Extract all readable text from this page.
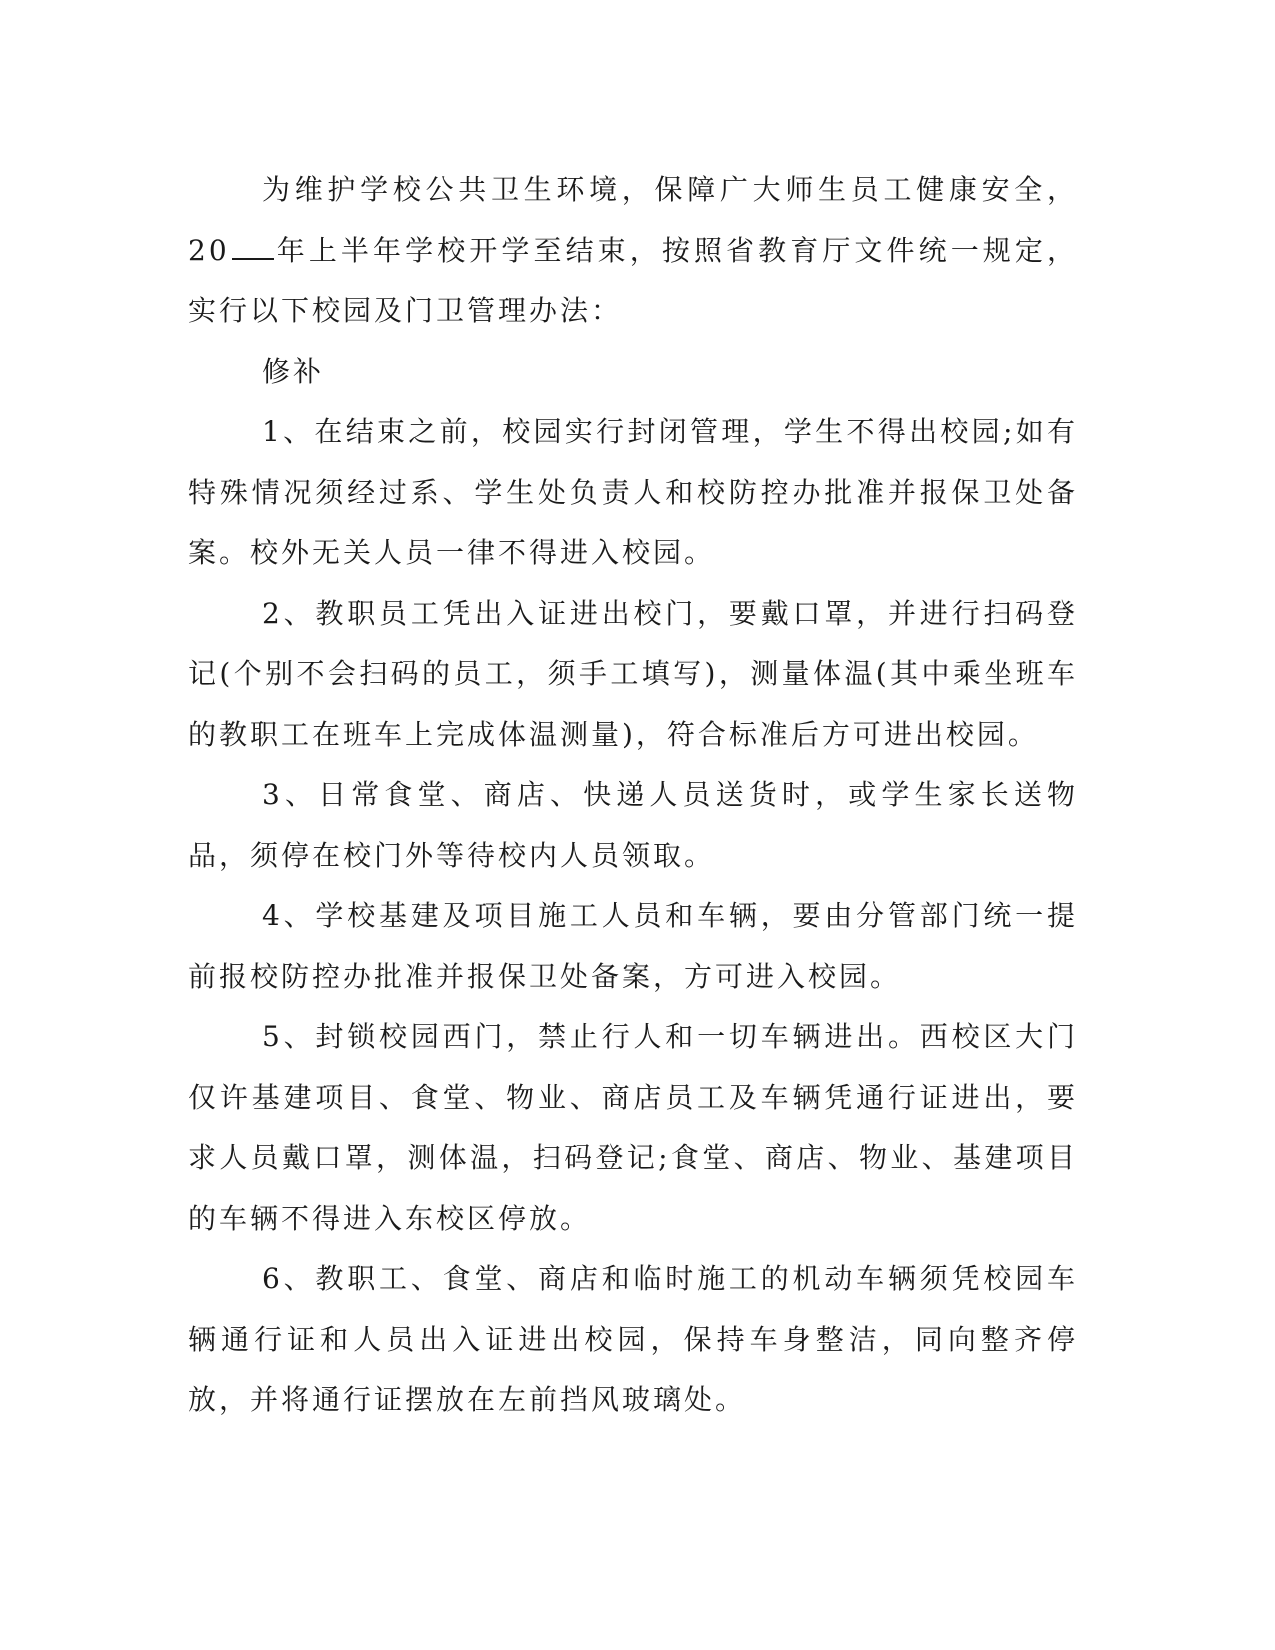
为维护学校公共卫生环境，保障广大师生员工健康安全，20 年上半年学校开学至结束，按照省教育厅文件统一规定，实行以下校园及门卫管理办法：

修补

1、在结束之前，校园实行封闭管理，学生不得出校园;如有特殊情况须经过系、学生处负责人和校防控办批准并报保卫处备案。校外无关人员一律不得进入校园。

2、教职员工凭出入证进出校门，要戴口罩，并进行扫码登记(个别不会扫码的员工，须手工填写)，测量体温(其中乘坐班车的教职工在班车上完成体温测量)，符合标准后方可进出校园。

3、日常食堂、商店、快递人员送货时，或学生家长送物品，须停在校门外等待校内人员领取。

4、学校基建及项目施工人员和车辆，要由分管部门统一提前报校防控办批准并报保卫处备案，方可进入校园。

5、封锁校园西门，禁止行人和一切车辆进出。西校区大门仅许基建项目、食堂、物业、商店员工及车辆凭通行证进出，要求人员戴口罩，测体温，扫码登记;食堂、商店、物业、基建项目的车辆不得进入东校区停放。

6、教职工、食堂、商店和临时施工的机动车辆须凭校园车辆通行证和人员出入证进出校园，保持车身整洁，同向整齐停放，并将通行证摆放在左前挡风玻璃处。
